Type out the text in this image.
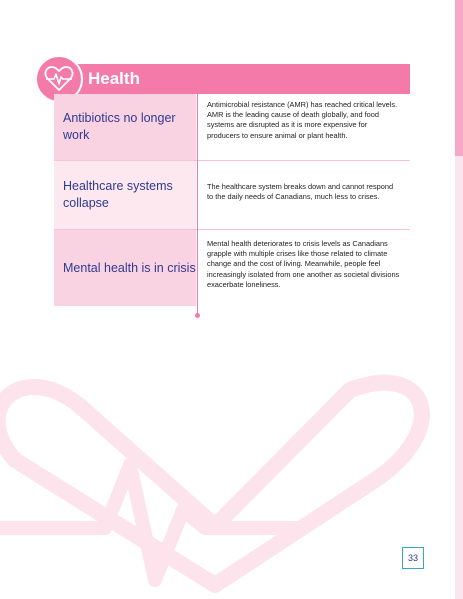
Health
Antibiotics no longer work
Antimicrobial resistance (AMR) has reached critical levels. AMR is the leading cause of death globally, and food systems are disrupted as it is more expensive for producers to ensure animal or plant health.
Healthcare systems collapse
The healthcare system breaks down and cannot respond to the daily needs of Canadians, much less to crises.
Mental health is in crisis
Mental health deteriorates to crisis levels as Canadians grapple with multiple crises like those related to climate change and the cost of living. Meanwhile, people feel increasingly isolated from one another as societal divisions exacerbate loneliness.
33
